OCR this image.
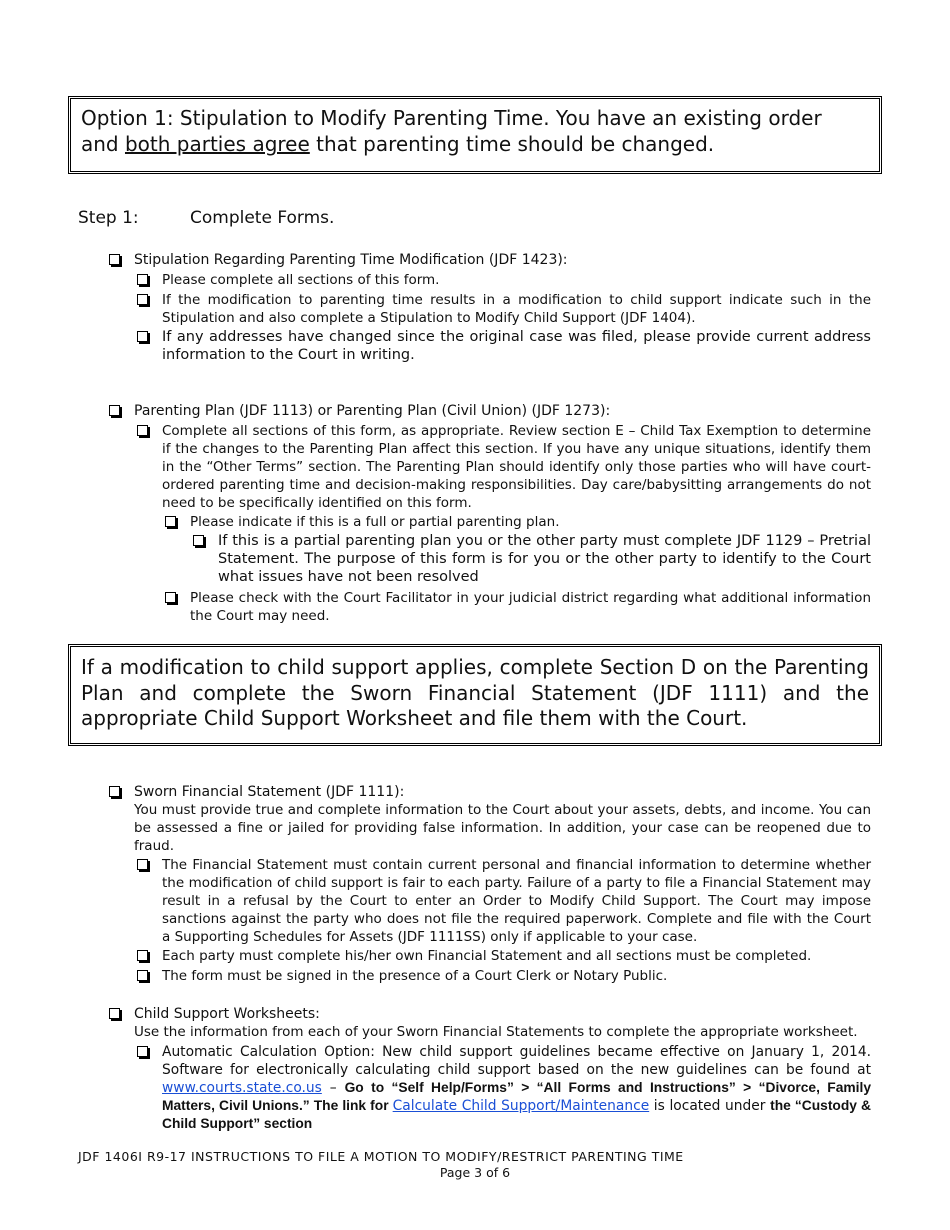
Option 1: Stipulation to Modify Parenting Time. You have an existing order
and both parties agree that parenting time should be changed.
Step 1:	Complete Forms.
Stipulation Regarding Parenting Time Modification (JDF 1423):
Please complete all sections of this form.
If the modification to parenting time results in a modification to child support indicate such in the Stipulation and also complete a Stipulation to Modify Child Support (JDF 1404).
If any addresses have changed since the original case was filed, please provide current address information to the Court in writing.
Parenting Plan (JDF 1113) or Parenting Plan (Civil Union) (JDF 1273):
Complete all sections of this form, as appropriate. Review section E – Child Tax Exemption to determine if the changes to the Parenting Plan affect this section. If you have any unique situations, identify them in the “Other Terms” section. The Parenting Plan should identify only those parties who will have court-ordered parenting time and decision-making responsibilities. Day care/babysitting arrangements do not need to be specifically identified on this form.
Please indicate if this is a full or partial parenting plan.
If this is a partial parenting plan you or the other party must complete JDF 1129 – Pretrial Statement. The purpose of this form is for you or the other party to identify to the Court what issues have not been resolved
Please check with the Court Facilitator in your judicial district regarding what additional information the Court may need.
If a modification to child support applies, complete Section D on the Parenting Plan and complete the Sworn Financial Statement (JDF 1111) and the appropriate Child Support Worksheet and file them with the Court.
Sworn Financial Statement (JDF 1111):
You must provide true and complete information to the Court about your assets, debts, and income. You can be assessed a fine or jailed for providing false information. In addition, your case can be reopened due to fraud.
The Financial Statement must contain current personal and financial information to determine whether the modification of child support is fair to each party. Failure of a party to file a Financial Statement may result in a refusal by the Court to enter an Order to Modify Child Support. The Court may impose sanctions against the party who does not file the required paperwork. Complete and file with the Court a Supporting Schedules for Assets (JDF 1111SS) only if applicable to your case.
Each party must complete his/her own Financial Statement and all sections must be completed.
The form must be signed in the presence of a Court Clerk or Notary Public.
Child Support Worksheets:
Use the information from each of your Sworn Financial Statements to complete the appropriate worksheet.
Automatic Calculation Option: New child support guidelines became effective on January 1, 2014. Software for electronically calculating child support based on the new guidelines can be found at www.courts.state.co.us – Go to “Self Help/Forms” > “All Forms and Instructions” > “Divorce, Family Matters, Civil Unions.” The link for Calculate Child Support/Maintenance is located under the “Custody & Child Support” section
JDF 1406I R9-17 INSTRUCTIONS TO FILE A MOTION TO MODIFY/RESTRICT PARENTING TIME
Page 3 of 6
